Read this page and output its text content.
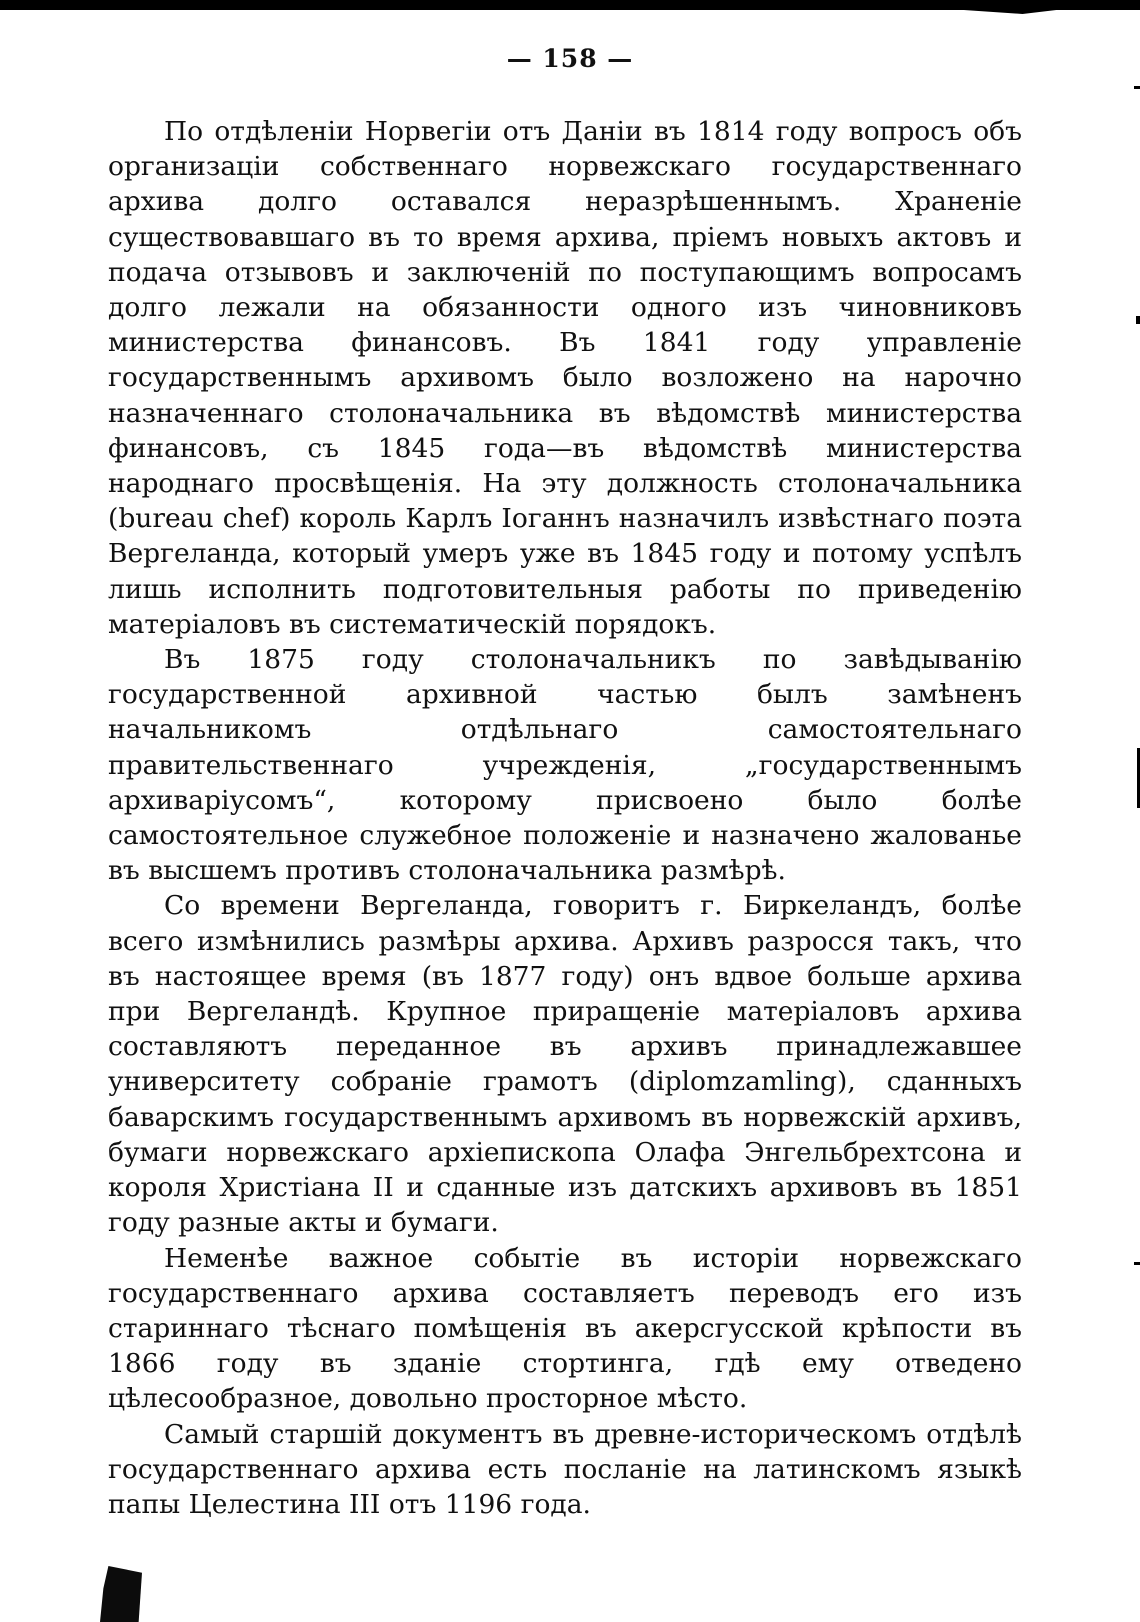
— 158 —

По отдѣленіи Норвегіи отъ Даніи въ 1814 году вопросъ объ организаціи собственнаго норвежскаго государственнаго архива долго оставался неразрѣшеннымъ. Храненіе существовавшаго въ то время архива, пріемъ новыхъ актовъ и подача отзывовъ и заключеній по поступающимъ вопросамъ долго лежали на обязанности одного изъ чиновниковъ министерства финансовъ. Въ 1841 году управленіе государственнымъ архивомъ было возложено на нарочно назначеннаго столоначальника въ вѣдомствѣ министерства финансовъ, съ 1845 года—въ вѣдомствѣ министерства народнаго просвѣщенія. На эту должность столоначальника (bureau chef) король Карлъ Іоганнъ назначилъ извѣстнаго поэта Вергеланда, который умеръ уже въ 1845 году и потому успѣлъ лишь исполнить подготовительныя работы по приведенію матеріаловъ въ систематическій порядокъ.

Въ 1875 году столоначальникъ по завѣдыванію государственной архивной частью былъ замѣненъ начальникомъ отдѣльнаго самостоятельнаго правительственнаго учрежденія, „государственнымъ архиваріусомъ“, которому присвоено было болѣе самостоятельное служебное положеніе и назначено жалованье въ высшемъ противъ столоначальника размѣрѣ.

Со времени Вергеланда, говоритъ г. Биркеландъ, болѣе всего измѣнились размѣры архива. Архивъ разросся такъ, что въ настоящее время (въ 1877 году) онъ вдвое больше архива при Вергеландѣ. Крупное приращеніе матеріаловъ архива составляютъ переданное въ архивъ принадлежавшее университету собраніе грамотъ (diplomzamling), сданныхъ баварскимъ государственнымъ архивомъ въ норвежскій архивъ, бумаги норвежскаго архіепископа Олафа Энгельбрехтсона и короля Христіана II и сданные изъ датскихъ архивовъ въ 1851 году разные акты и бумаги.

Неменѣе важное событіе въ исторіи норвежскаго государственнаго архива составляетъ переводъ его изъ стариннаго тѣснаго помѣщенія въ акерсгусской крѣпости въ 1866 году въ зданіе стортинга, гдѣ ему отведено цѣлесообразное, довольно просторное мѣсто.

Самый старшій документъ въ древне-историческомъ отдѣлѣ государственнаго архива есть посланіе на латинскомъ языкѣ папы Целестина III отъ 1196 года.
